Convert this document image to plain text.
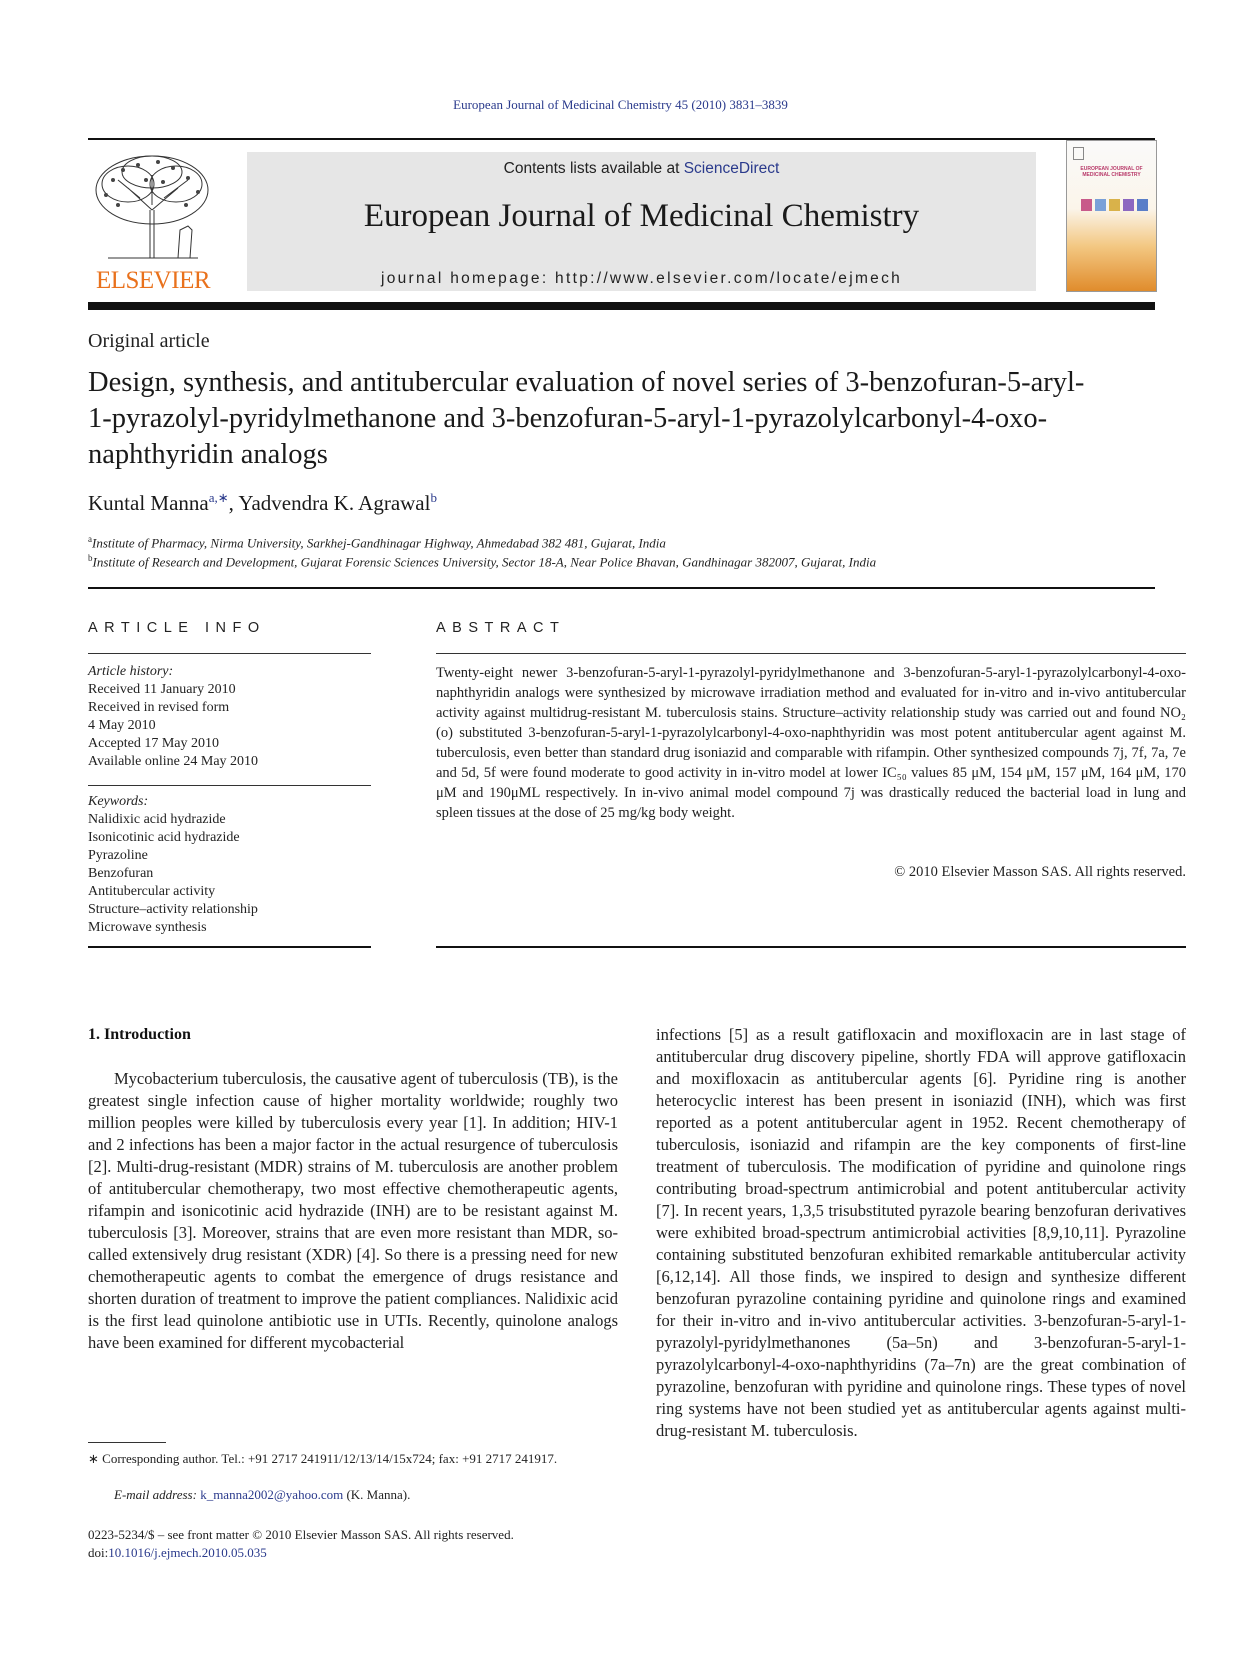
European Journal of Medicinal Chemistry 45 (2010) 3831–3839
ELSEVIER
Contents lists available at ScienceDirect
European Journal of Medicinal Chemistry
journal homepage: http://www.elsevier.com/locate/ejmech
EUROPEAN JOURNAL OF MEDICINAL CHEMISTRY
Original article
Design, synthesis, and antitubercular evaluation of novel series of 3-benzofuran-5-aryl-1-pyrazolyl-pyridylmethanone and 3-benzofuran-5-aryl-1-pyrazolylcarbonyl-4-oxo-naphthyridin analogs
Kuntal Manna$^{a,∗}$, Yadvendra K. Agrawal$^b$
$^a$Institute of Pharmacy, Nirma University, Sarkhej-Gandhinagar Highway, Ahmedabad 382 481, Gujarat, India
$^b$Institute of Research and Development, Gujarat Forensic Sciences University, Sector 18-A, Near Police Bhavan, Gandhinagar 382007, Gujarat, India
ARTICLE INFO
Article history:
Received 11 January 2010
Received in revised form
4 May 2010
Accepted 17 May 2010
Available online 24 May 2010
Keywords:
Nalidixic acid hydrazide
Isonicotinic acid hydrazide
Pyrazoline
Benzofuran
Antitubercular activity
Structure–activity relationship
Microwave synthesis
ABSTRACT
Twenty-eight newer 3-benzofuran-5-aryl-1-pyrazolyl-pyridylmethanone and 3-benzofuran-5-aryl-1-pyrazolylcarbonyl-4-oxo-naphthyridin analogs were synthesized by microwave irradiation method and evaluated for in-vitro and in-vivo antitubercular activity against multidrug-resistant M. tuberculosis stains. Structure–activity relationship study was carried out and found NO₂ (o) substituted 3-benzofuran-5-aryl-1-pyrazolylcarbonyl-4-oxo-naphthyridin was most potent antitubercular agent against M. tuberculosis, even better than standard drug isoniazid and comparable with rifampin. Other synthesized compounds 7j, 7f, 7a, 7e and 5d, 5f were found moderate to good activity in in-vitro model at lower IC₅₀ values 85 μM, 154 μM, 157 μM, 164 μM, 170 μM and 190μML respectively. In in-vivo animal model compound 7j was drastically reduced the bacterial load in lung and spleen tissues at the dose of 25 mg/kg body weight.
© 2010 Elsevier Masson SAS. All rights reserved.
1. Introduction
Mycobacterium tuberculosis, the causative agent of tuberculosis (TB), is the greatest single infection cause of higher mortality worldwide; roughly two million peoples were killed by tuberculosis every year [1]. In addition; HIV-1 and 2 infections has been a major factor in the actual resurgence of tuberculosis [2]. Multi-drug-resistant (MDR) strains of M. tuberculosis are another problem of antitubercular chemotherapy, two most effective chemotherapeutic agents, rifampin and isonicotinic acid hydrazide (INH) are to be resistant against M. tuberculosis [3]. Moreover, strains that are even more resistant than MDR, so-called extensively drug resistant (XDR) [4]. So there is a pressing need for new chemotherapeutic agents to combat the emergence of drugs resistance and shorten duration of treatment to improve the patient compliances. Nalidixic acid is the first lead quinolone antibiotic use in UTIs. Recently, quinolone analogs have been examined for different mycobacterial
infections [5] as a result gatifloxacin and moxifloxacin are in last stage of antitubercular drug discovery pipeline, shortly FDA will approve gatifloxacin and moxifloxacin as antitubercular agents [6]. Pyridine ring is another heterocyclic interest has been present in isoniazid (INH), which was first reported as a potent antitubercular agent in 1952. Recent chemotherapy of tuberculosis, isoniazid and rifampin are the key components of first-line treatment of tuberculosis. The modification of pyridine and quinolone rings contributing broad-spectrum antimicrobial and potent antitubercular activity [7]. In recent years, 1,3,5 trisubstituted pyrazole bearing benzofuran derivatives were exhibited broad-spectrum antimicrobial activities [8,9,10,11]. Pyrazoline containing substituted benzofuran exhibited remarkable antitubercular activity [6,12,14]. All those finds, we inspired to design and synthesize different benzofuran pyrazoline containing pyridine and quinolone rings and examined for their in-vitro and in-vivo antitubercular activities. 3-benzofuran-5-aryl-1-pyrazolyl-pyridylmethanones (5a–5n) and 3-benzofuran-5-aryl-1-pyrazolylcarbonyl-4-oxo-naphthyridins (7a–7n) are the great combination of pyrazoline, benzofuran with pyridine and quinolone rings. These types of novel ring systems have not been studied yet as antitubercular agents against multi-drug-resistant M. tuberculosis.
∗ Corresponding author. Tel.: +91 2717 241911/12/13/14/15x724; fax: +91 2717 241917.
E-mail address: k_manna2002@yahoo.com (K. Manna).
0223-5234/$ – see front matter © 2010 Elsevier Masson SAS. All rights reserved.
doi:10.1016/j.ejmech.2010.05.035
